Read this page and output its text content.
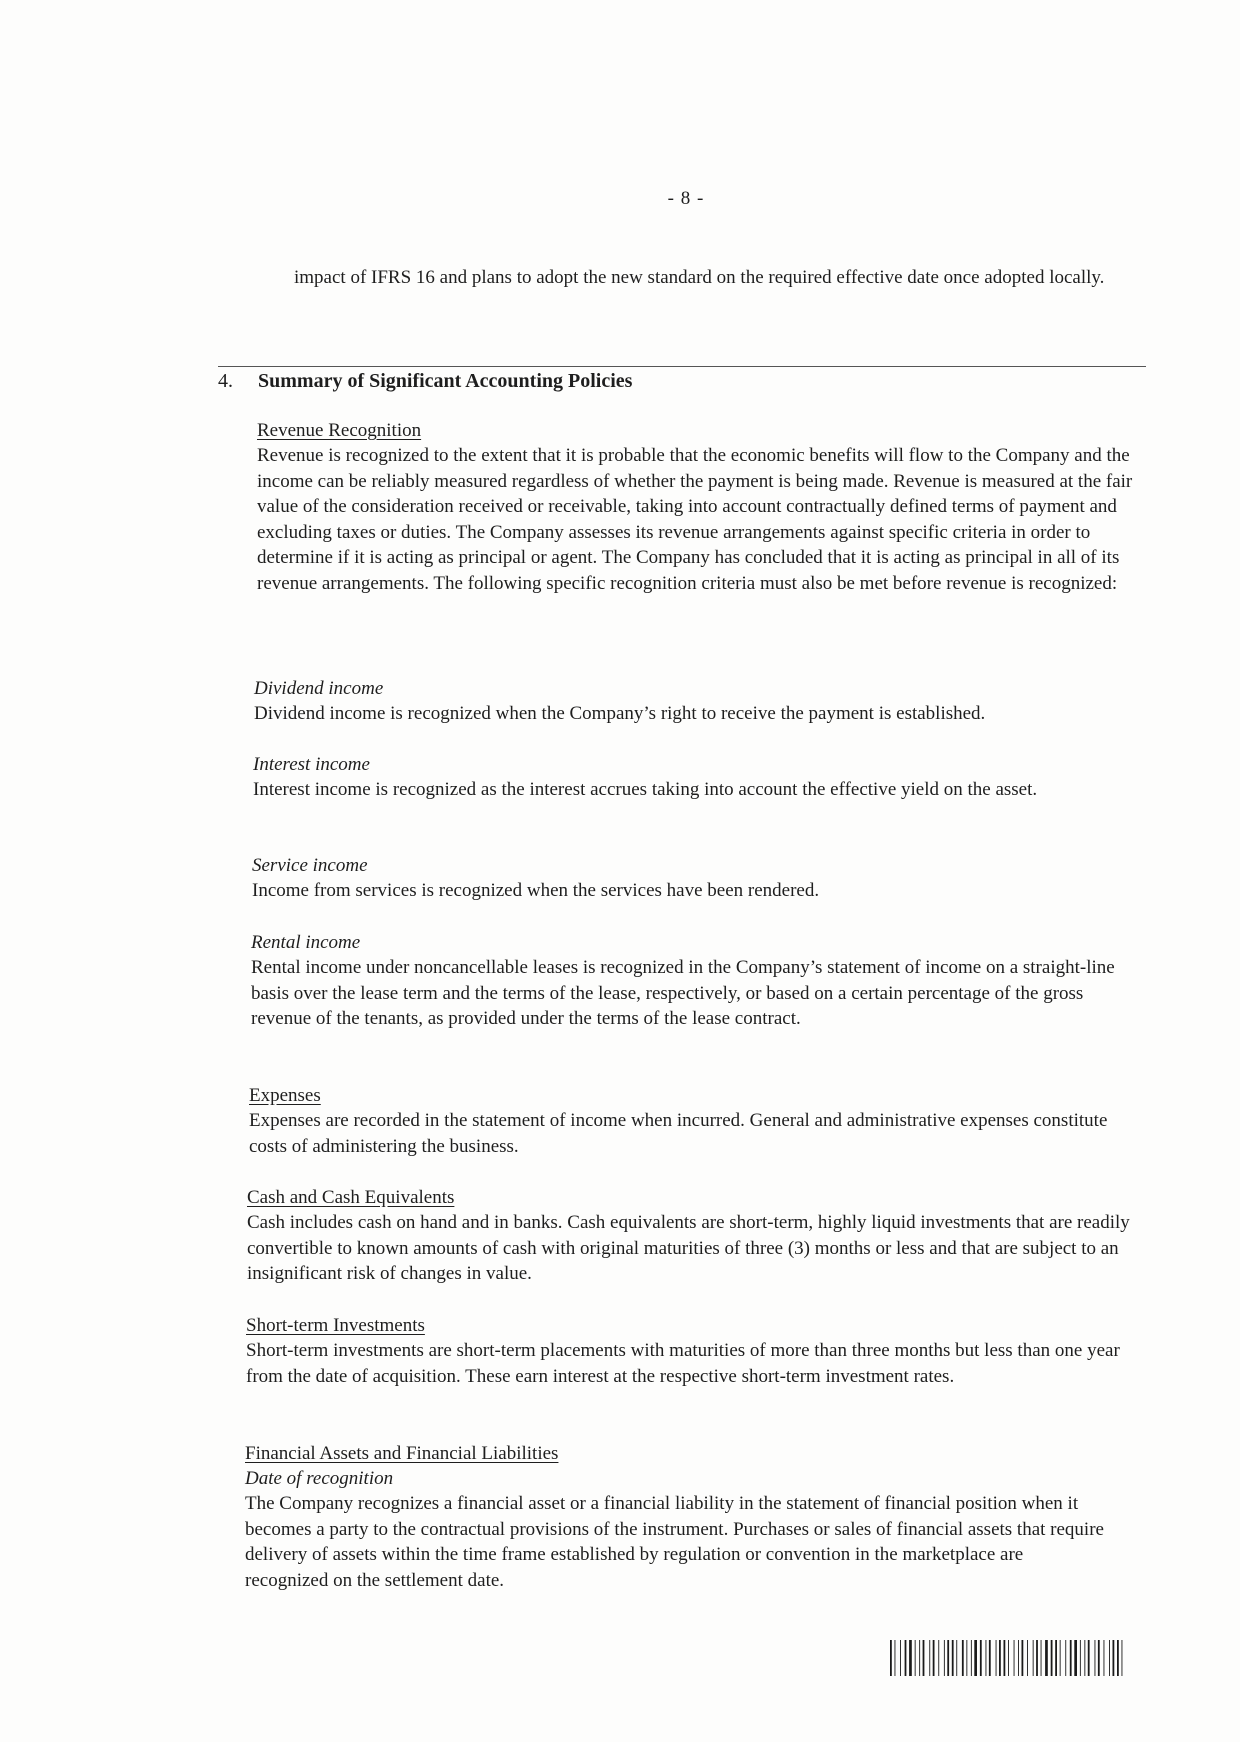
- 8 -

impact of IFRS 16 and plans to adopt the new standard on the required effective date once adopted locally.

4. Summary of Significant Accounting Policies

Revenue Recognition

Revenue is recognized to the extent that it is probable that the economic benefits will flow to the Company and the income can be reliably measured regardless of whether the payment is being made. Revenue is measured at the fair value of the consideration received or receivable, taking into account contractually defined terms of payment and excluding taxes or duties. The Company assesses its revenue arrangements against specific criteria in order to determine if it is acting as principal or agent. The Company has concluded that it is acting as principal in all of its revenue arrangements. The following specific recognition criteria must also be met before revenue is recognized:

Dividend income

Dividend income is recognized when the Company’s right to receive the payment is established.

Interest income

Interest income is recognized as the interest accrues taking into account the effective yield on the asset.

Service income

Income from services is recognized when the services have been rendered.

Rental income

Rental income under noncancellable leases is recognized in the Company’s statement of income on a straight-line basis over the lease term and the terms of the lease, respectively, or based on a certain percentage of the gross revenue of the tenants, as provided under the terms of the lease contract.

Expenses

Expenses are recorded in the statement of income when incurred. General and administrative expenses constitute costs of administering the business.

Cash and Cash Equivalents

Cash includes cash on hand and in banks. Cash equivalents are short-term, highly liquid investments that are readily convertible to known amounts of cash with original maturities of three (3) months or less and that are subject to an insignificant risk of changes in value.

Short-term Investments

Short-term investments are short-term placements with maturities of more than three months but less than one year from the date of acquisition. These earn interest at the respective short-term investment rates.

Financial Assets and Financial Liabilities

Date of recognition

The Company recognizes a financial asset or a financial liability in the statement of financial position when it becomes a party to the contractual provisions of the instrument. Purchases or sales of financial assets that require delivery of assets within the time frame established by regulation or convention in the marketplace are recognized on the settlement date.
